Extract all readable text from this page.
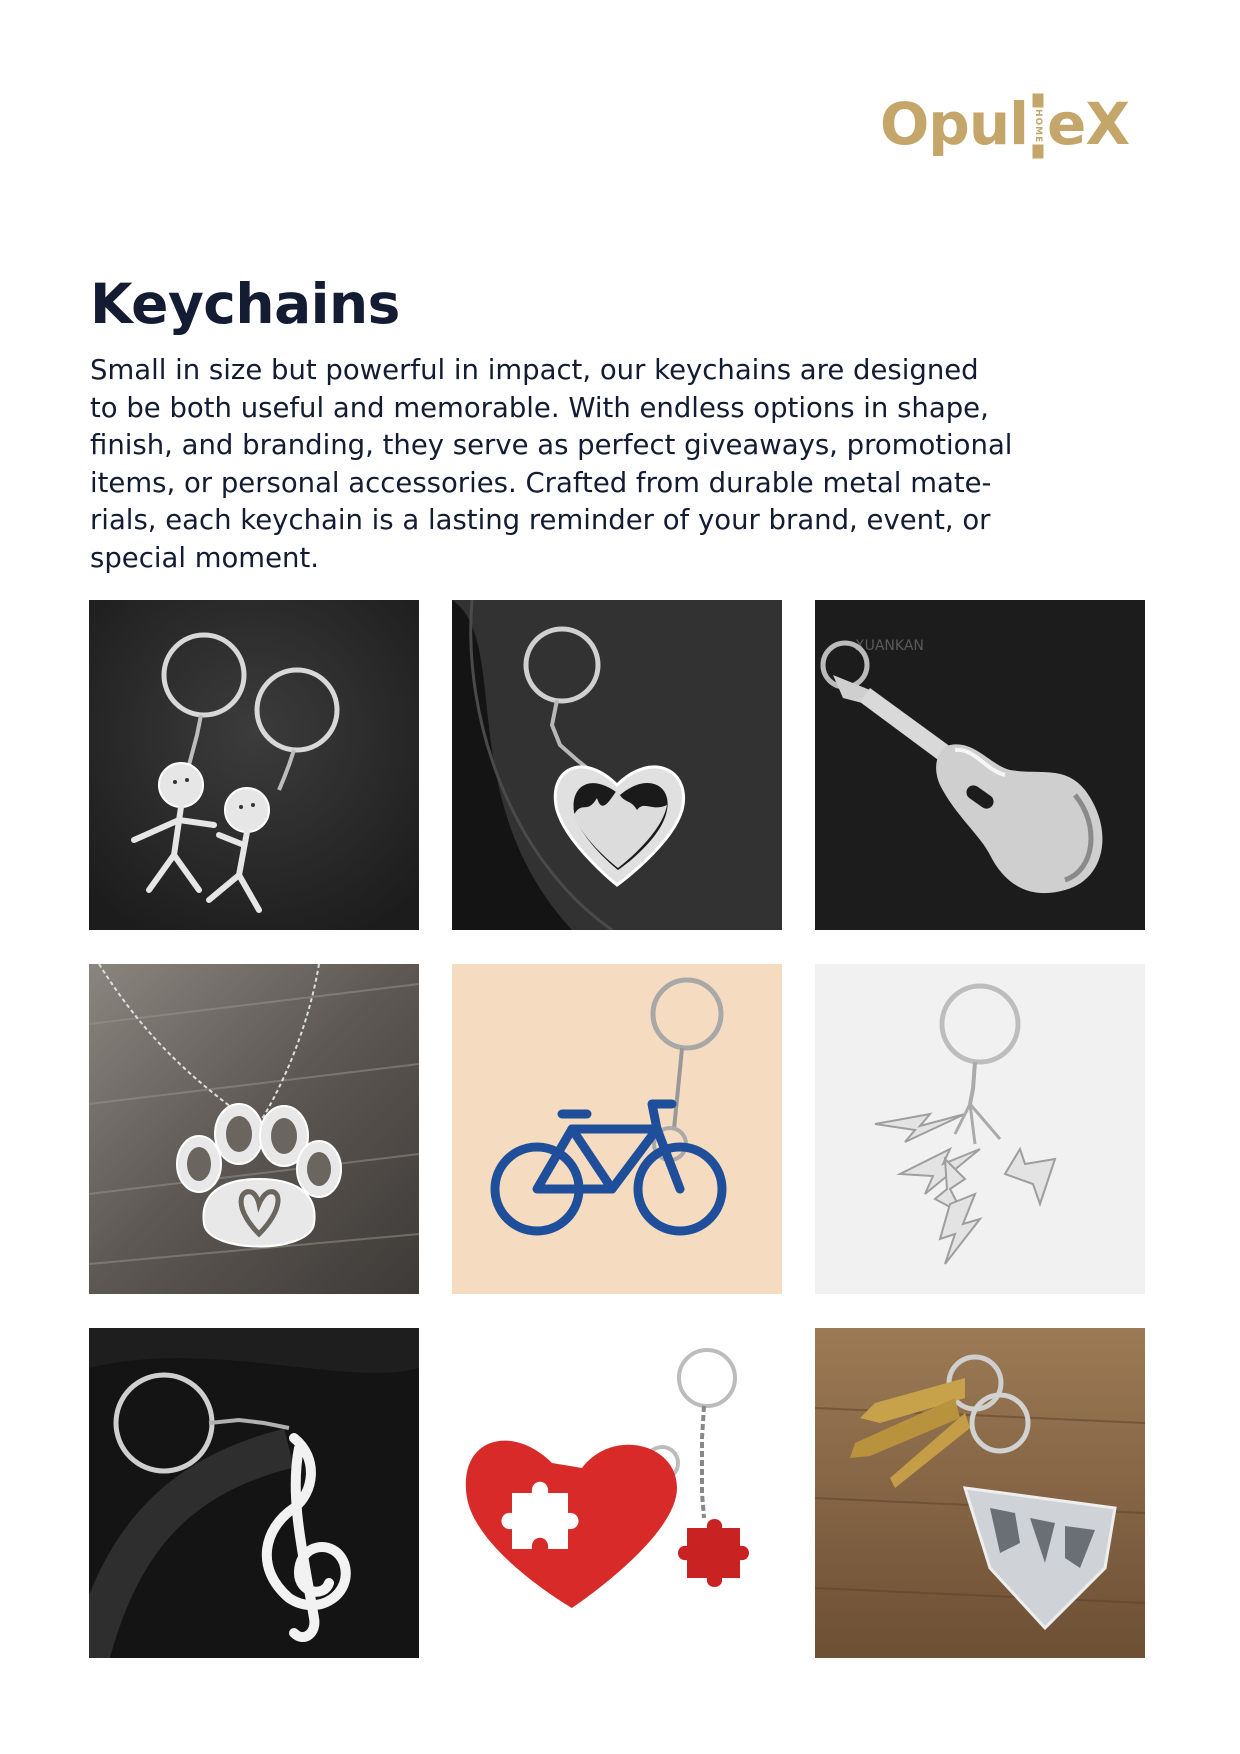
Opul HOME eX
Keychains

Small in size but powerful in impact, our keychains are designed
to be both useful and memorable. With endless options in shape,
finish, and branding, they serve as perfect giveaways, promotional
items, or personal accessories. Crafted from durable metal mate-
rials, each keychain is a lasting reminder of your brand, event, or
special moment.

XUANKAN
